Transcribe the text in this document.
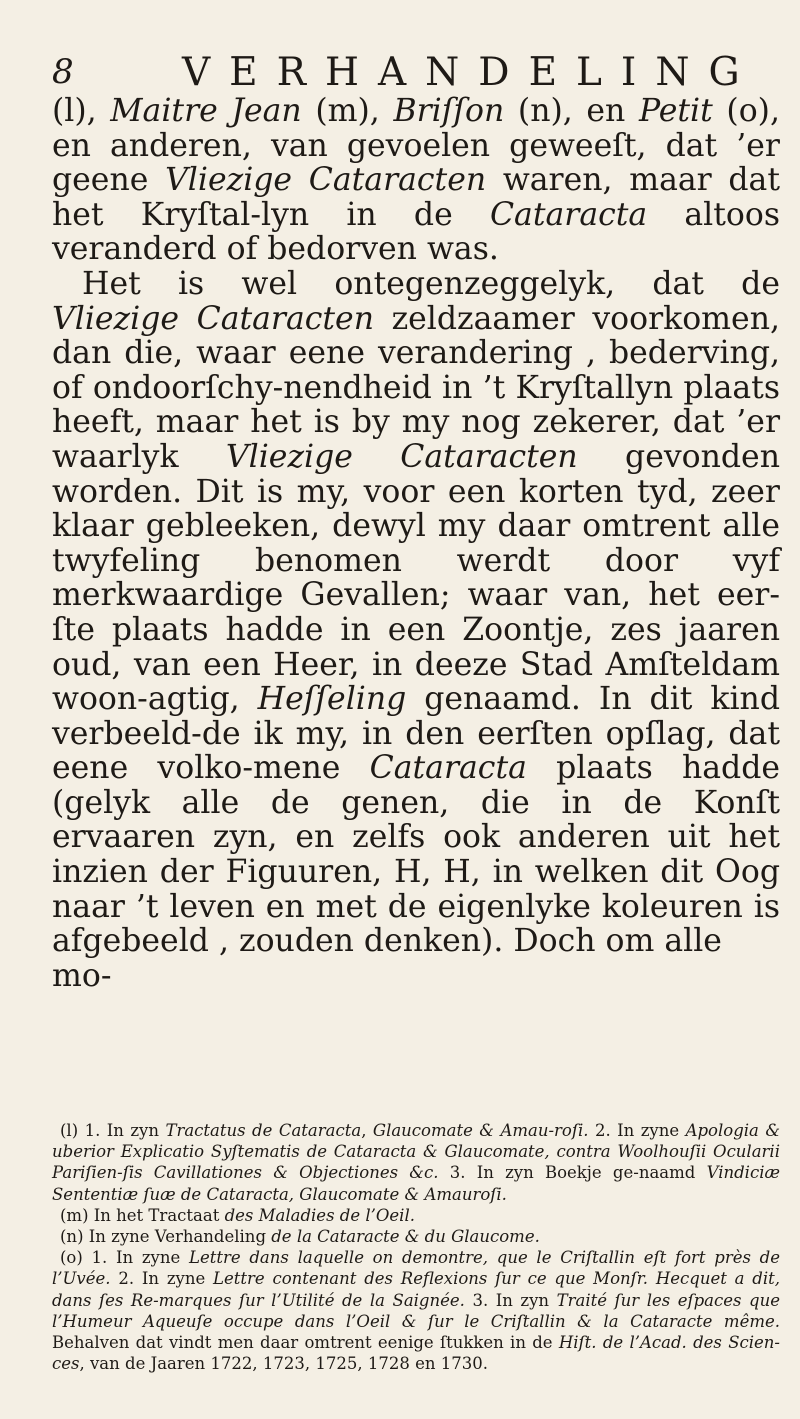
8	VERHANDELING

(l), Maitre Jean (m), Briſſon (n), en Petit (o), en anderen, van gevoelen geweeſt, dat ’er geene Vliezige Cataracten waren, maar dat het Kryſtal-lyn in de Cataracta altoos veranderd of bedorven was.

Het is wel ontegenzeggelyk, dat de Vliezige Cataracten zeldzaamer voorkomen, dan die, waar eene verandering , bederving, of ondoorſchy-nendheid in ’t Kryſtallyn plaats heeft, maar het is by my nog zekerer, dat ’er waarlyk Vliezige Cataracten gevonden worden. Dit is my, voor een korten tyd, zeer klaar gebleeken, dewyl my daar omtrent alle twyfeling benomen werdt door vyf merkwaardige Gevallen; waar van, het eer-ſte plaats hadde in een Zoontje, zes jaaren oud, van een Heer, in deeze Stad Amſteldam woon-agtig, Heſſeling genaamd. In dit kind verbeeld-de ik my, in den eerſten opſlag, dat eene volko-mene Cataracta plaats hadde (gelyk alle de genen, die in de Konſt ervaaren zyn, en zelfs ook anderen uit het inzien der Figuuren, H, H, in welken dit Oog naar ’t leven en met de eigenlyke koleuren is afgebeeld , zouden denken). Doch om alle

mo-

(l) 1. In zyn Tractatus de Cataracta, Glaucomate & Amau-roſi. 2. In zyne Apologia & uberior Explicatio Syſtematis de Cataracta & Glaucomate, contra Woolhouſii Ocularii Pariſien-ſis Cavillationes & Objectiones &c. 3. In zyn Boekje ge-naamd Vindiciæ Sententiæ ſuæ de Cataracta, Glaucomate & Amauroſi.

(m) In het Tractaat des Maladies de l’Oeil.

(n) In zyne Verhandeling de la Cataracte & du Glaucome.

(o) 1. In zyne Lettre dans laquelle on demontre, que le Criſtallin eſt fort près de l’Uvée. 2. In zyne Lettre contenant des Reflexions ſur ce que Monſr. Hecquet a dit, dans ſes Re-marques ſur l’Utilité de la Saignée. 3. In zyn Traité ſur les eſpaces que l’Humeur Aqueuſe occupe dans l’Oeil & ſur le Criſtallin & la Cataracte même. Behalven dat vindt men daar omtrent eenige ſtukken in de Hiſt. de l’Acad. des Scien-ces, van de Jaaren 1722, 1723, 1725, 1728 en 1730.
